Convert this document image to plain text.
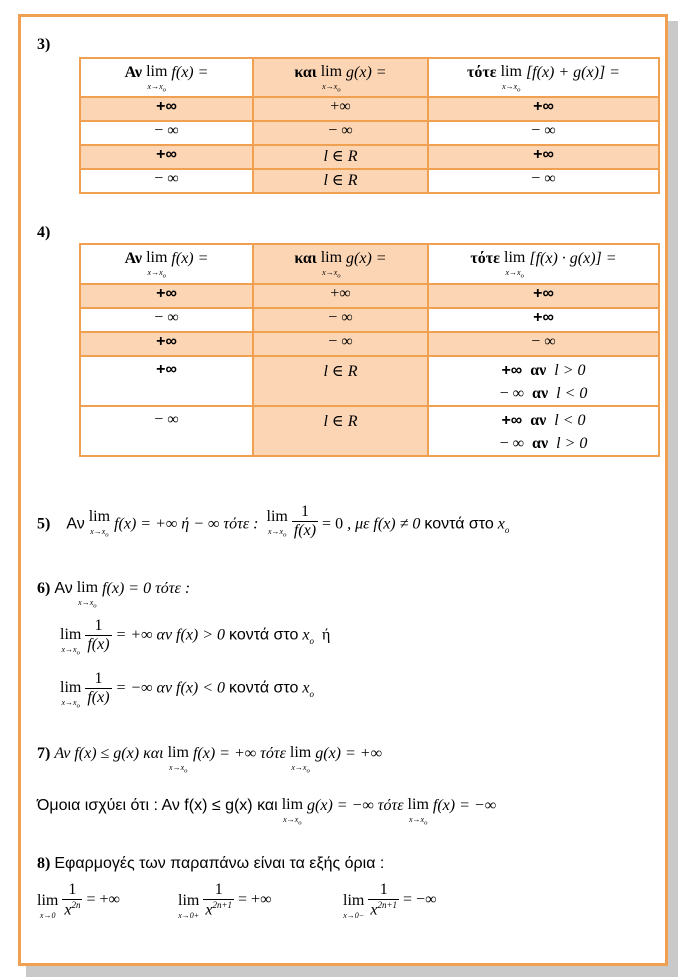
3)
Αν lim
$x\to x_o$
f(x) =	και lim
$x\to x_o$
g(x) =	τότε lim
$x\to x_o$
[f(x) + g(x)] =
+∞	+∞	+∞
− ∞	− ∞	− ∞
+∞	l ∈ R	+∞
− ∞	l ∈ R	− ∞
4)
Αν lim
$x\to x_o$
f(x) =	και lim
$x\to x_o$
g(x) =	τότε lim
$x\to x_o$
[f(x) · g(x)] =
+∞	+∞	+∞
− ∞	− ∞	+∞
+∞	− ∞	− ∞
+∞	l ∈ R	+∞ αν l > 0
− ∞ αν l < 0

− ∞	l ∈ R	+∞ αν l < 0
− ∞ αν l > 0
5) Αν lim
$x\to x_o$
f(x) = +∞ ή − ∞ τότε : lim
$x\to x_o$
$\frac{1}{f(x)} = 0$ , με f(x) ≠ 0 κοντά στο $x_o$
6) Αν lim
$x\to x_o$
f(x) = 0 τότε :
lim
$x\to x_o$
$\frac{1}{f(x)}$ = +∞ αν f(x) > 0 κοντά στο $x_o$ ή
lim
$x\to x_o$
$\frac{1}{f(x)}$ = −∞ αν f(x) < 0 κοντά στο $x_o$
7) Αν f(x) ≤ g(x) και lim
$x\to x_o$
f(x) = +∞ τότε lim
$x\to x_o$
g(x) = +∞
Όμοια ισχύει ότι : Αν f(x) ≤ g(x) και lim
$x\to x_o$
g(x) = −∞ τότε lim
$x\to x_o$
f(x) = −∞
8) Εφαρμογές των παραπάνω είναι τα εξής όρια :
lim
x→0
$\frac{1}{x^{2n}}$ = +∞	lim
x→0+
$\frac{1}{x^{2n+1}}$ = +∞	lim
x→0−
$\frac{1}{x^{2n+1}}$ = −∞
